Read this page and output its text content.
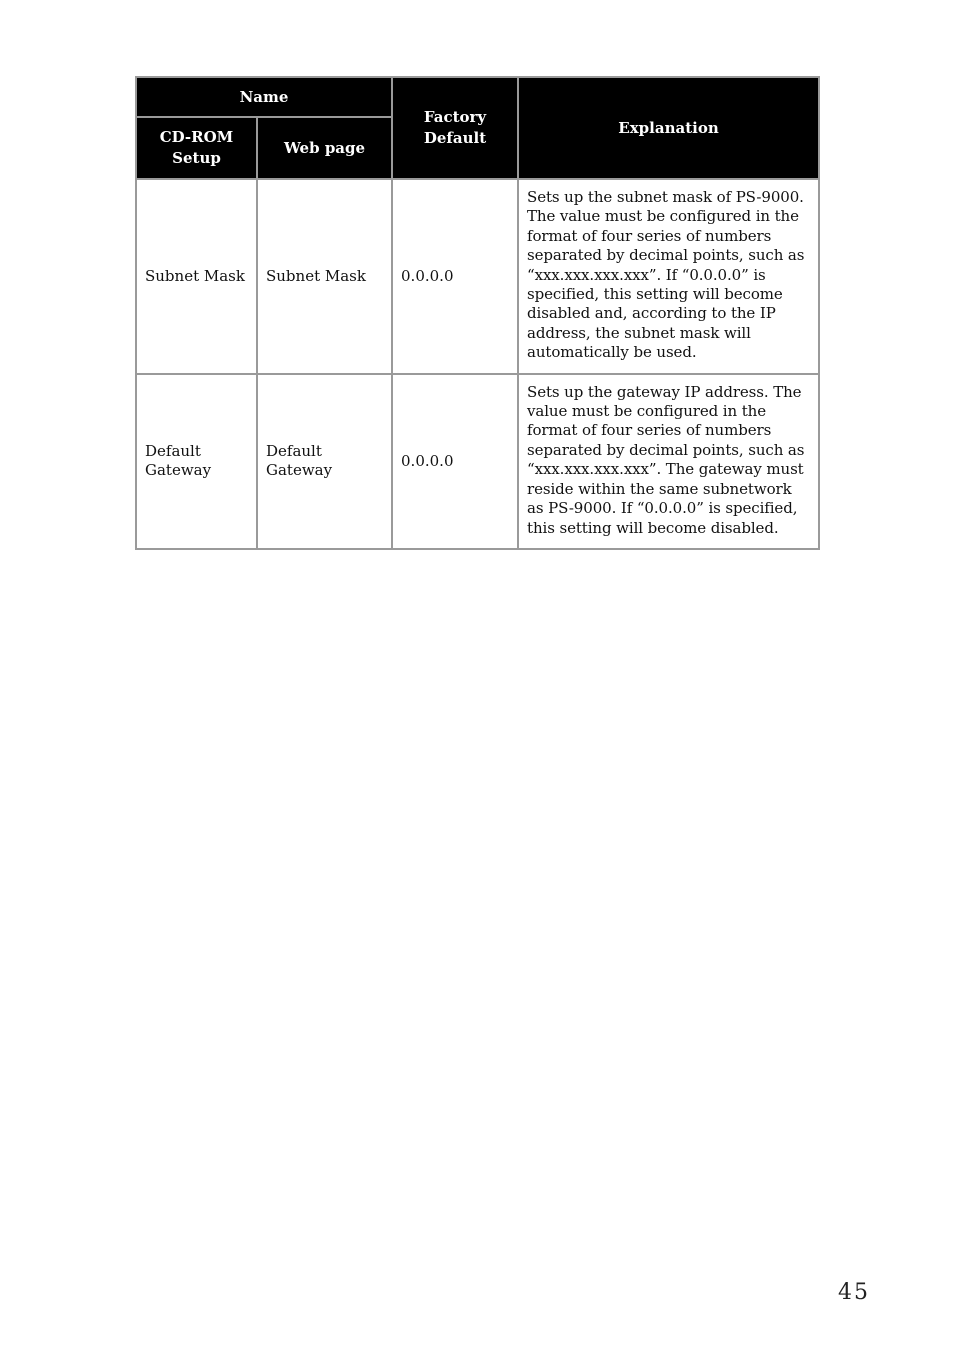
Name		Factory Default	Explanation
CD-ROM Setup	Web page		
Subnet Mask	Subnet Mask	0.0.0.0	Sets up the subnet mask of PS-9000. The value must be configured in the format of four series of numbers separated by decimal points, such as “xxx.xxx.xxx.xxx”. If “0.0.0.0” is specified, this setting will become disabled and, according to the IP address, the subnet mask will automatically be used.
Default Gateway	Default Gateway	0.0.0.0	Sets up the gateway IP address. The value must be configured in the format of four series of numbers separated by decimal points, such as “xxx.xxx.xxx.xxx”. The gateway must reside within the same subnetwork as PS-9000. If “0.0.0.0” is specified, this setting will become disabled.
45
